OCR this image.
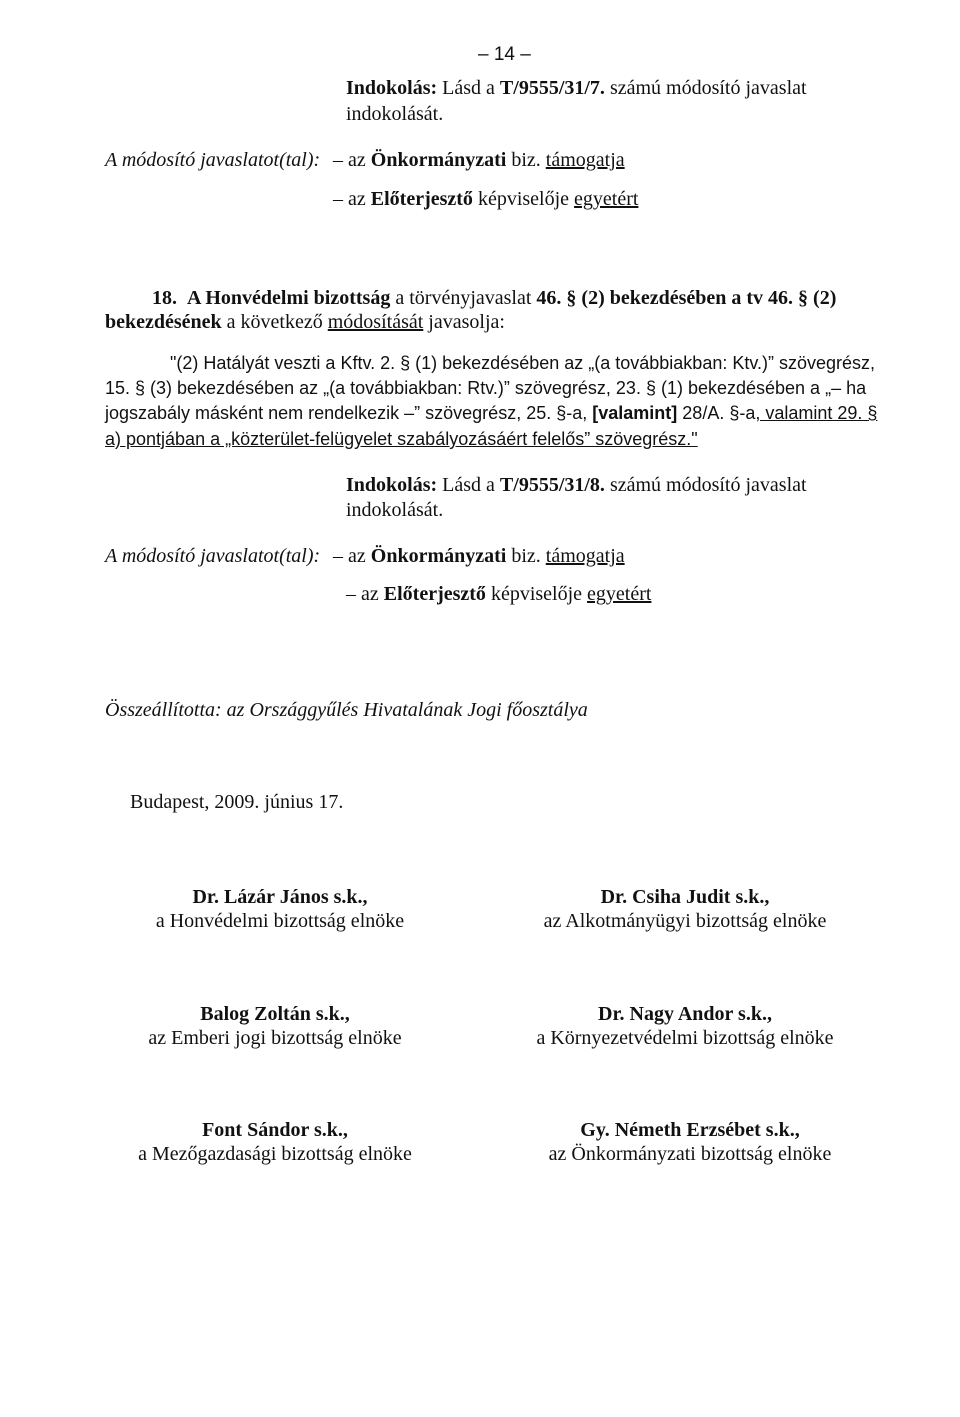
– 14 –
Indokolás: Lásd a T/9555/31/7. számú módosító javaslat
indokolását.
A módosító javaslatot(tal): – az Önkormányzati biz. támogatja
– az Előterjesztő képviselője egyetért
18. A Honvédelmi bizottság a törvényjavaslat 46. § (2) bekezdésében a tv 46. § (2)
bekezdésének a következő módosítását javasolja:
"(2) Hatályát veszti a Kftv. 2. § (1) bekezdésében az „(a továbbiakban: Ktv.)” szövegrész,
15. § (3) bekezdésében az „(a továbbiakban: Rtv.)” szövegrész, 23. § (1) bekezdésében a „– ha
jogszabály másként nem rendelkezik –” szövegrész, 25. §-a, [valamint] 28/A. §-a, valamint 29. §
a) pontjában a „közterület-felügyelet szabályozásáért felelős” szövegrész."
Indokolás: Lásd a T/9555/31/8. számú módosító javaslat
indokolását.
A módosító javaslatot(tal): – az Önkormányzati biz. támogatja
– az Előterjesztő képviselője egyetért
Összeállította: az Országgyűlés Hivatalának Jogi főosztálya
Budapest, 2009. június 17.
Dr. Lázár János s.k.,
a Honvédelmi bizottság elnöke
Dr. Csiha Judit s.k.,
az Alkotmányügyi bizottság elnöke
Balog Zoltán s.k.,
az Emberi jogi bizottság elnöke
Dr. Nagy Andor s.k.,
a Környezetvédelmi bizottság elnöke
Font Sándor s.k.,
a Mezőgazdasági bizottság elnöke
Gy. Németh Erzsébet s.k.,
az Önkormányzati bizottság elnöke
